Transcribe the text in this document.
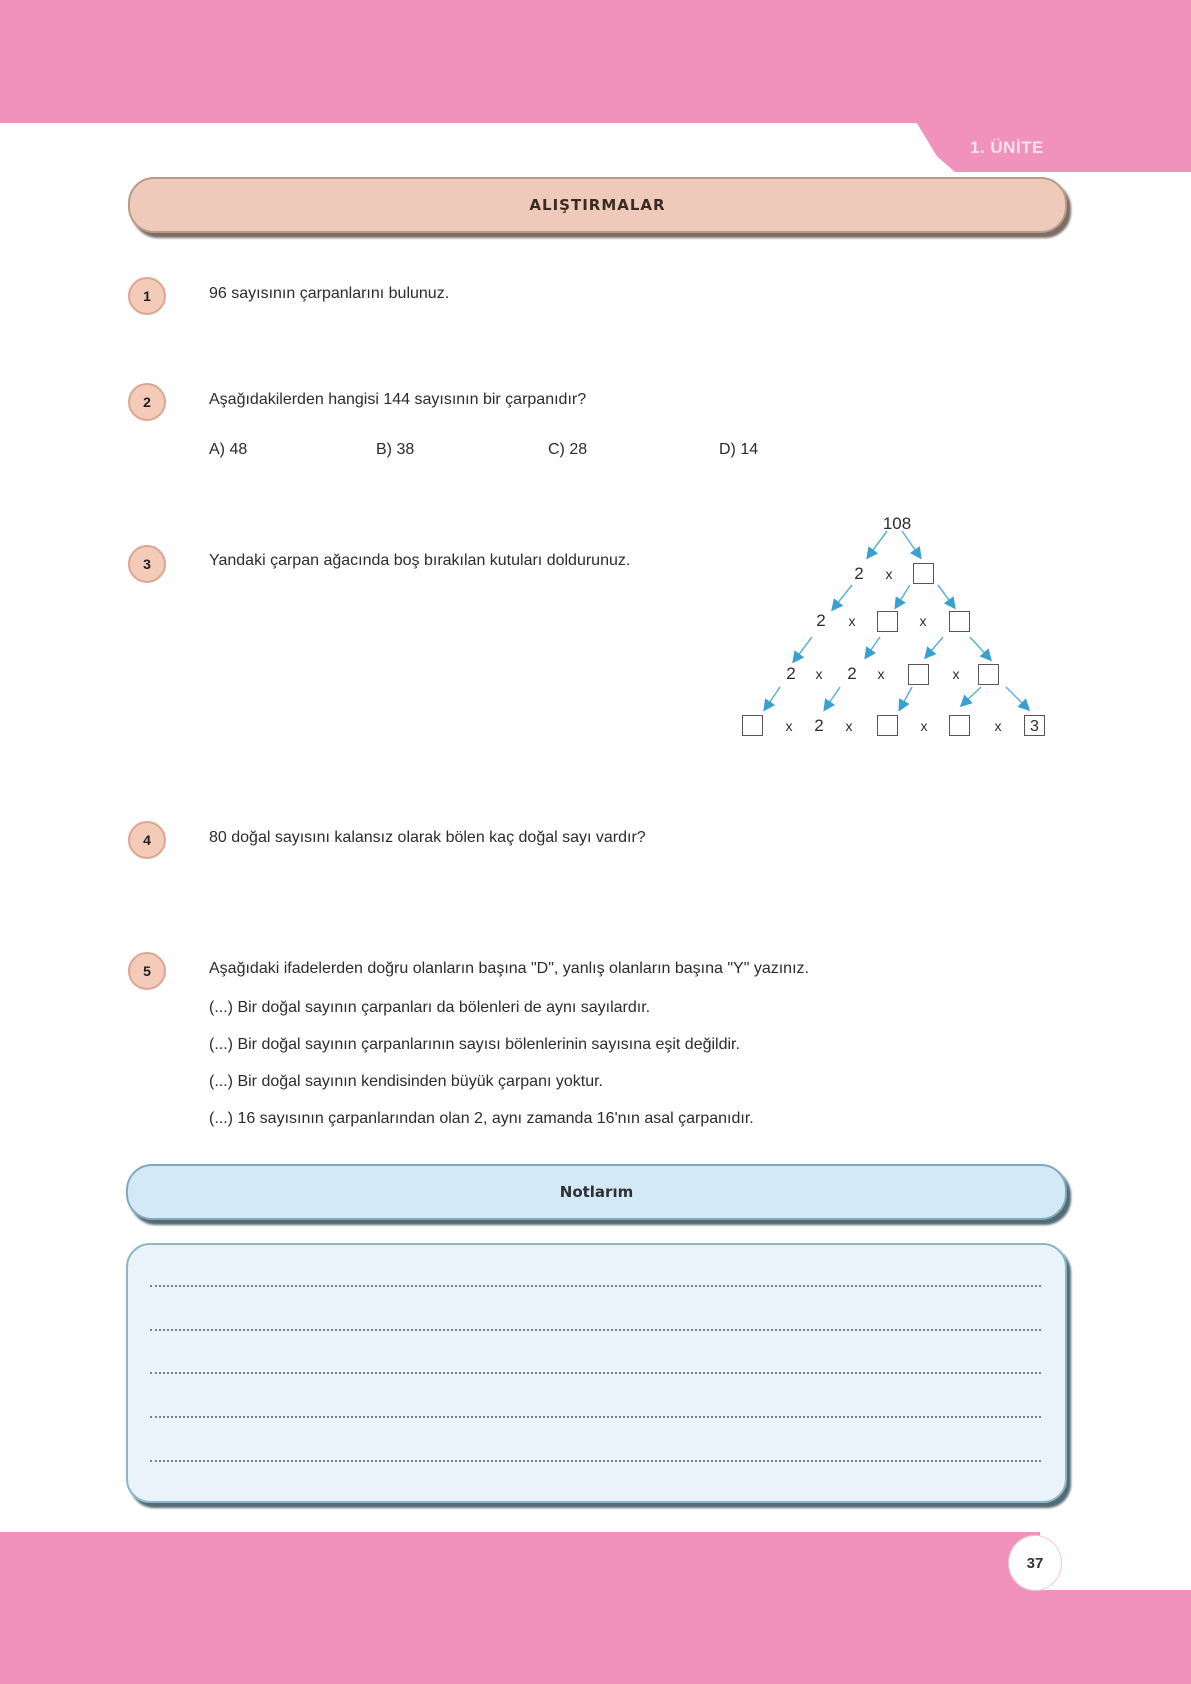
1. ÜNİTE
ALIŞTIRMALAR
1	96 sayısının çarpanlarını bulunuz.
2	Aşağıdakilerden hangisi 144 sayısının bir çarpanıdır?
A) 48	B) 38	C) 28	D) 14
3	Yandaki çarpan ağacında boş bırakılan kutuları doldurunuz.
108
2	x
2	x	x
2	x	2	x	x
x	2	x	x	x	3
4	80 doğal sayısını kalansız olarak bölen kaç doğal sayı vardır?
5	Aşağıdaki ifadelerden doğru olanların başına "D", yanlış olanların başına "Y" yazınız.
(...) Bir doğal sayının çarpanları da bölenleri de aynı sayılardır.
(...) Bir doğal sayının çarpanlarının sayısı bölenlerinin sayısına eşit değildir.
(...) Bir doğal sayının kendisinden büyük çarpanı yoktur.
(...) 16 sayısının çarpanlarından olan 2, aynı zamanda 16'nın asal çarpanıdır.
Notlarım
37
